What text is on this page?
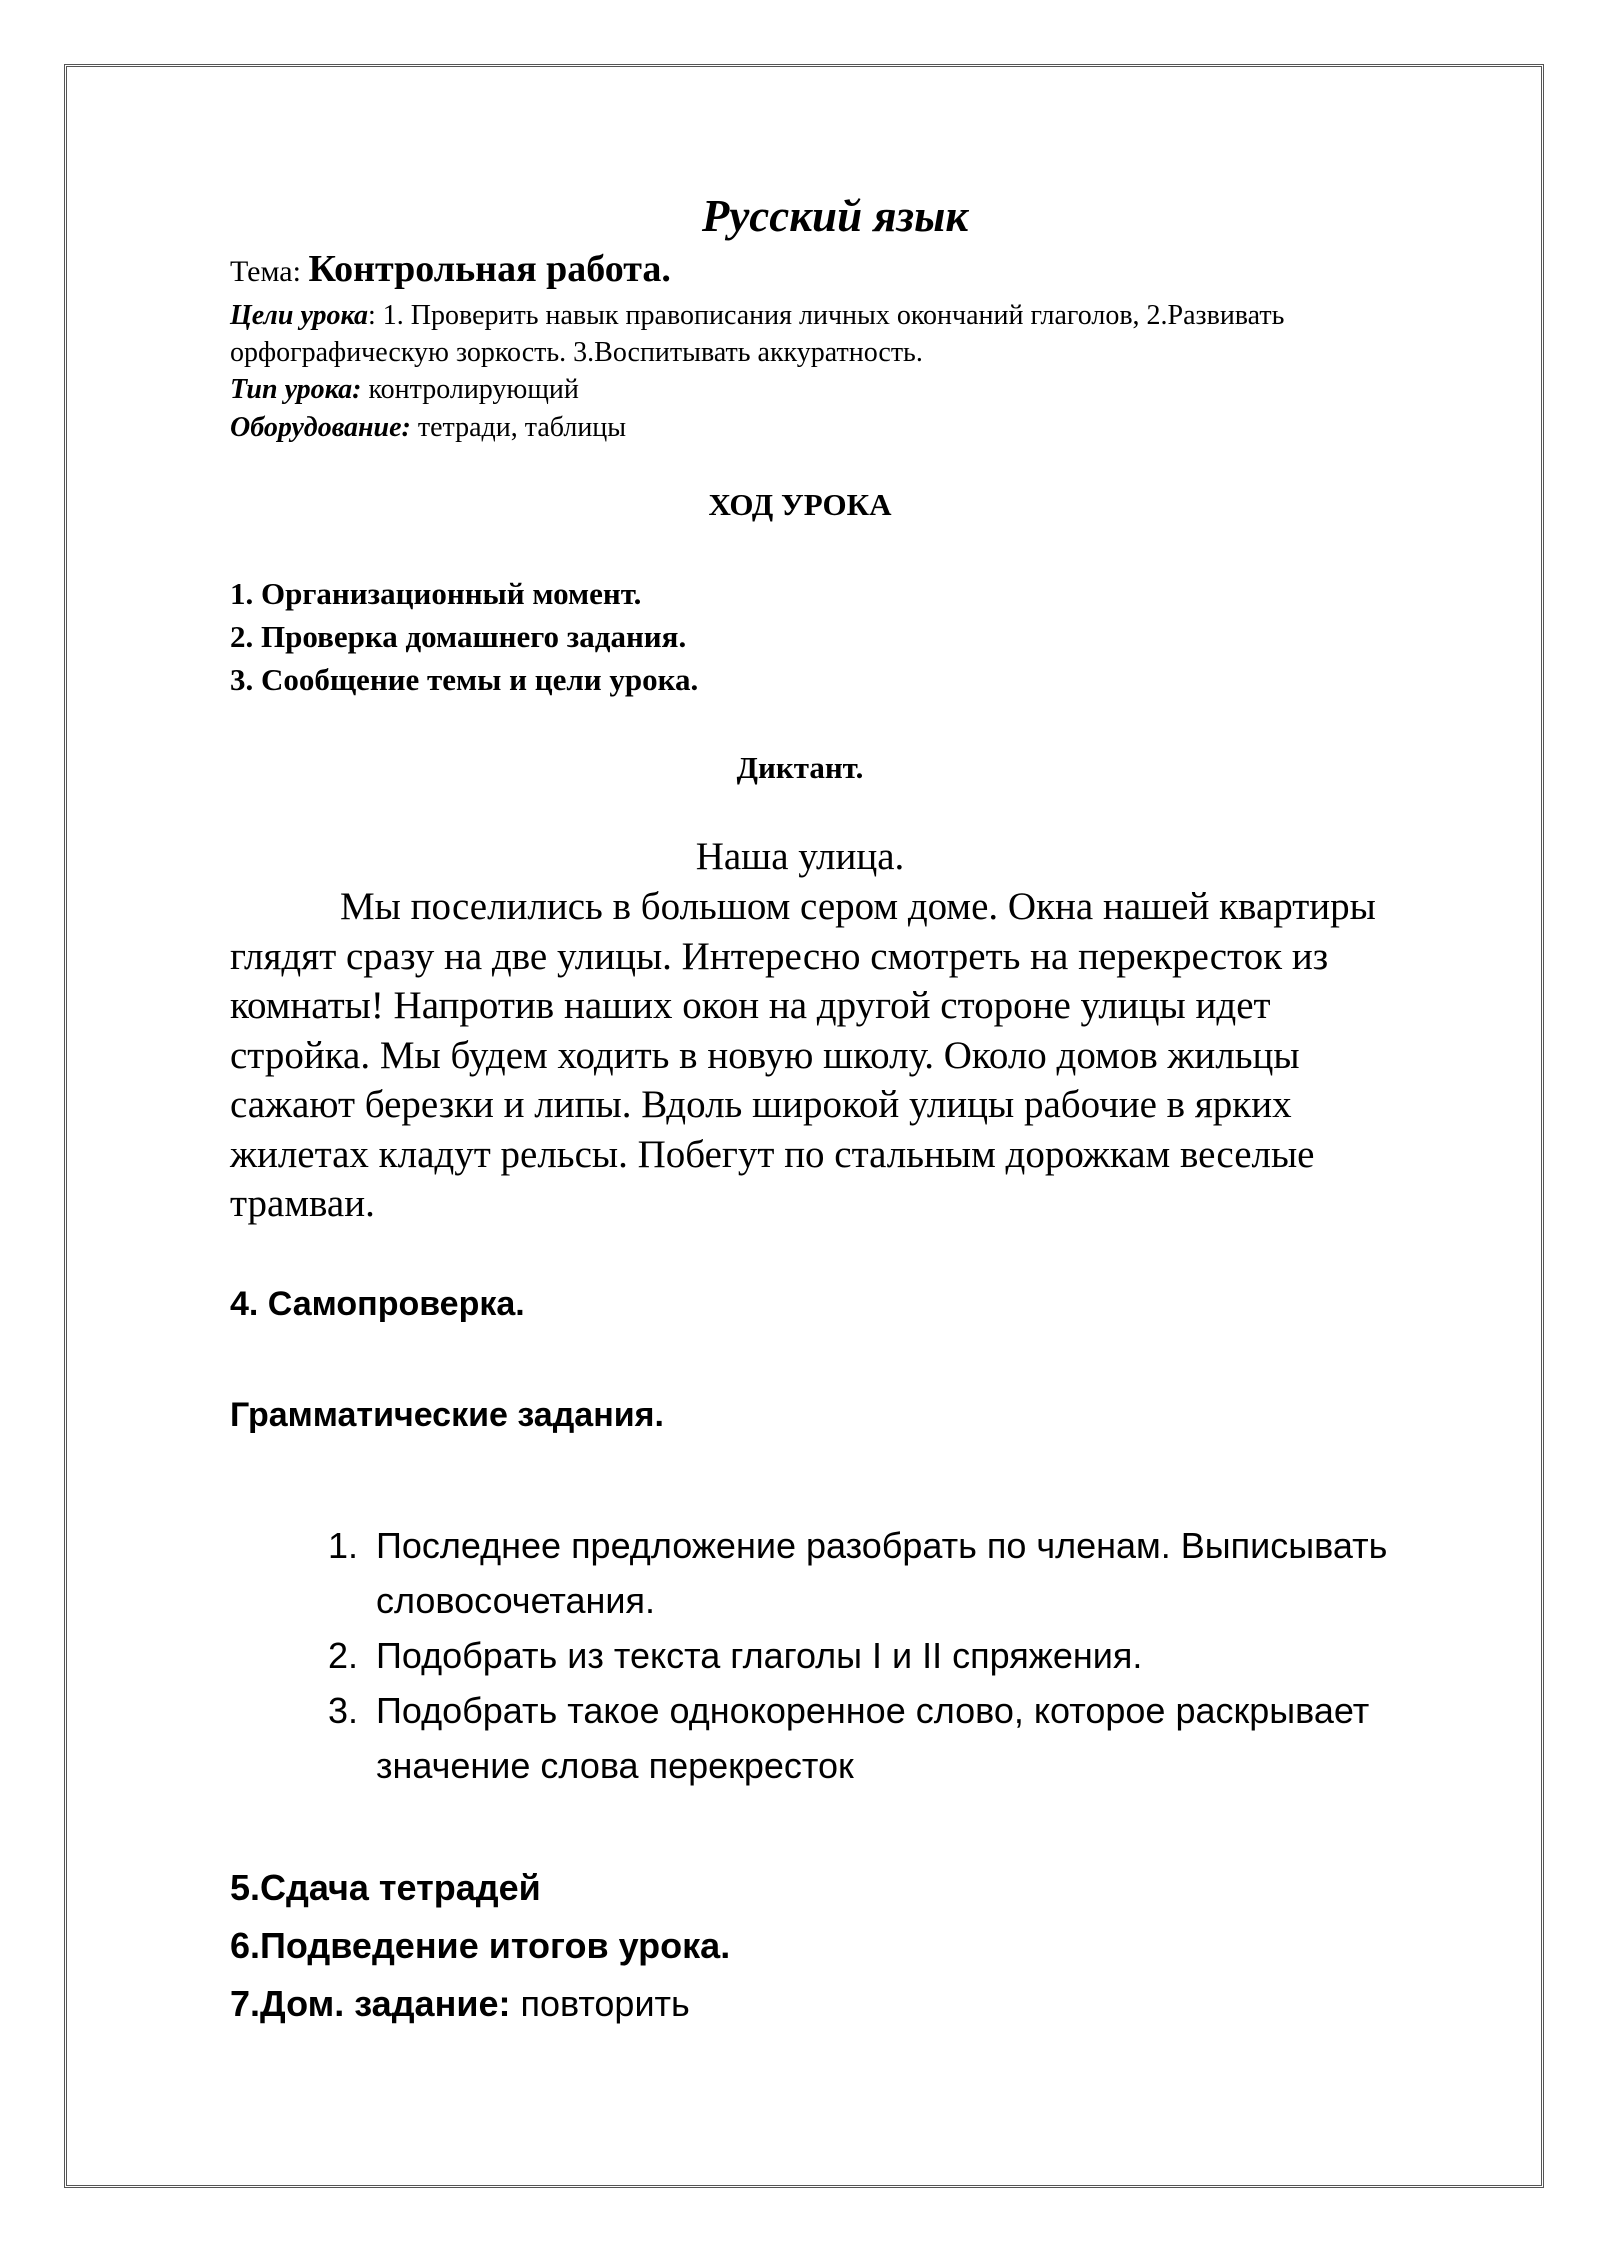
Русский язык
Тема: Контрольная работа.
Цели урока: 1. Проверить навык правописания личных окончаний глаголов, 2.Развивать
орфографическую зоркость. 3.Воспитывать аккуратность.
Тип урока: контролирующий
Оборудование: тетради, таблицы
ХОД УРОКА
1. Организационный момент.
2. Проверка домашнего задания.
3. Сообщение темы и цели урока.
Диктант.
Наша улица.
Мы поселились в большом сером доме. Окна нашей квартиры
глядят сразу на две улицы. Интересно смотреть на перекресток из
комнаты! Напротив наших окон на другой стороне улицы идет
стройка. Мы будем ходить в новую школу. Около домов жильцы
сажают березки и липы. Вдоль широкой улицы рабочие в ярких
жилетах кладут рельсы. Побегут по стальным дорожкам веселые
трамваи.
4. Самопроверка.
Грамматические задания.
1. Последнее предложение разобрать по членам. Выписывать
словосочетания.
2. Подобрать из текста глаголы I и II спряжения.
3. Подобрать такое однокоренное слово, которое раскрывает
значение слова перекресток
5.Сдача тетрадей
6.Подведение итогов урока.
7.Дом. задание: повторить
